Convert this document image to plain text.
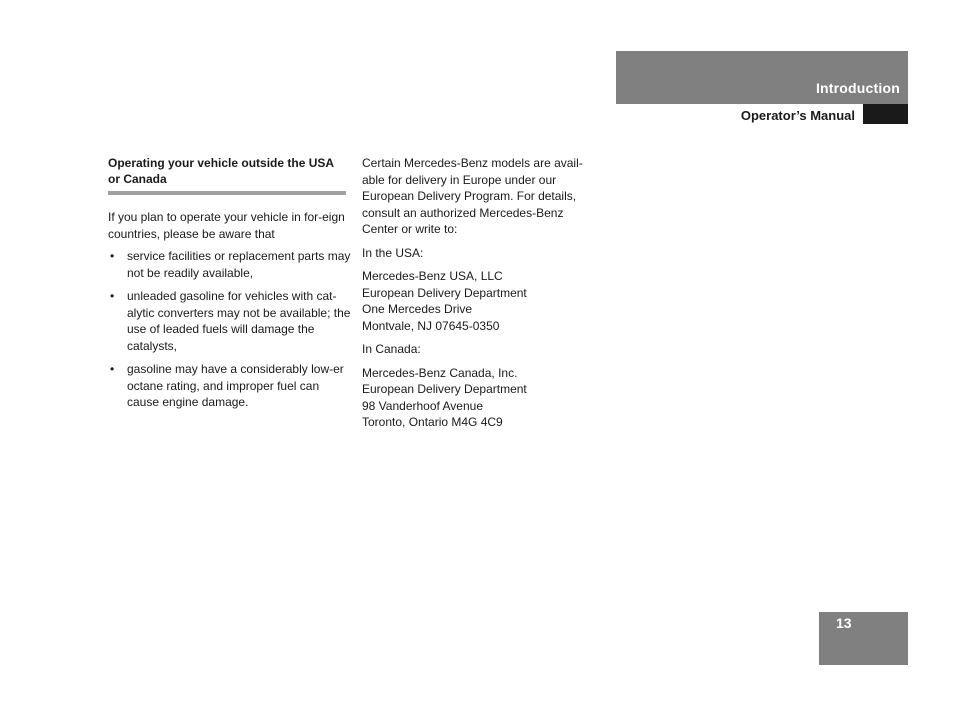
Introduction
Operator’s Manual
Operating your vehicle outside the USA or Canada

If you plan to operate your vehicle in for-eign countries, please be aware that

• service facilities or replacement parts may not be readily available,
• unleaded gasoline for vehicles with cat-alytic converters may not be available; the use of leaded fuels will damage the catalysts,
• gasoline may have a considerably low-er octane rating, and improper fuel can cause engine damage.

Certain Mercedes-Benz models are avail-able for delivery in Europe under our European Delivery Program. For details, consult an authorized Mercedes-Benz Center or write to:

In the USA:

Mercedes-Benz USA, LLC
European Delivery Department
One Mercedes Drive
Montvale, NJ 07645-0350

In Canada:

Mercedes-Benz Canada, Inc.
European Delivery Department
98 Vanderhoof Avenue
Toronto, Ontario M4G 4C9

13
